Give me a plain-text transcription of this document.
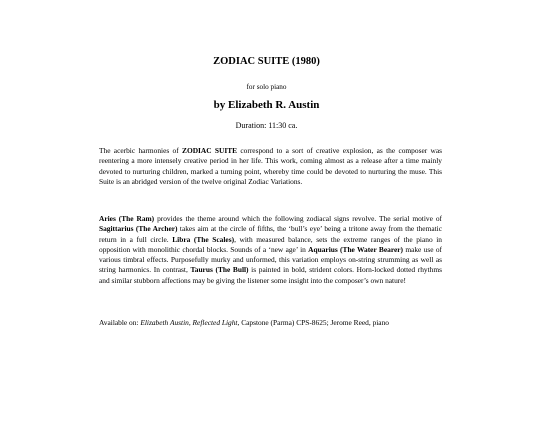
ZODIAC SUITE (1980)
for solo piano
by Elizabeth R. Austin
Duration: 11:30 ca.

The acerbic harmonies of ZODIAC SUITE correspond to a sort of creative explosion, as the composer was reentering a more intensely creative period in her life. This work, coming almost as a release after a time mainly devoted to nurturing children, marked a turning point, whereby time could be devoted to nurturing the muse. This Suite is an abridged version of the twelve original Zodiac Variations.

Aries (The Ram) provides the theme around which the following zodiacal signs revolve. The serial motive of Sagittarius (The Archer) takes aim at the circle of fifths, the ‘bull’s eye’ being a tritone away from the thematic return in a full circle. Libra (The Scales), with measured balance, sets the extreme ranges of the piano in opposition with monolithic chordal blocks. Sounds of a ‘new age’ in Aquarius (The Water Bearer) make use of various timbral effects. Purposefully murky and unformed, this variation employs on-string strumming as well as string harmonics. In contrast, Taurus (The Bull) is painted in bold, strident colors. Horn-locked dotted rhythms and similar stubborn affections may be giving the listener some insight into the composer’s own nature!

Available on: Elizabeth Austin, Reflected Light, Capstone (Parma) CPS-8625; Jerome Reed, piano
